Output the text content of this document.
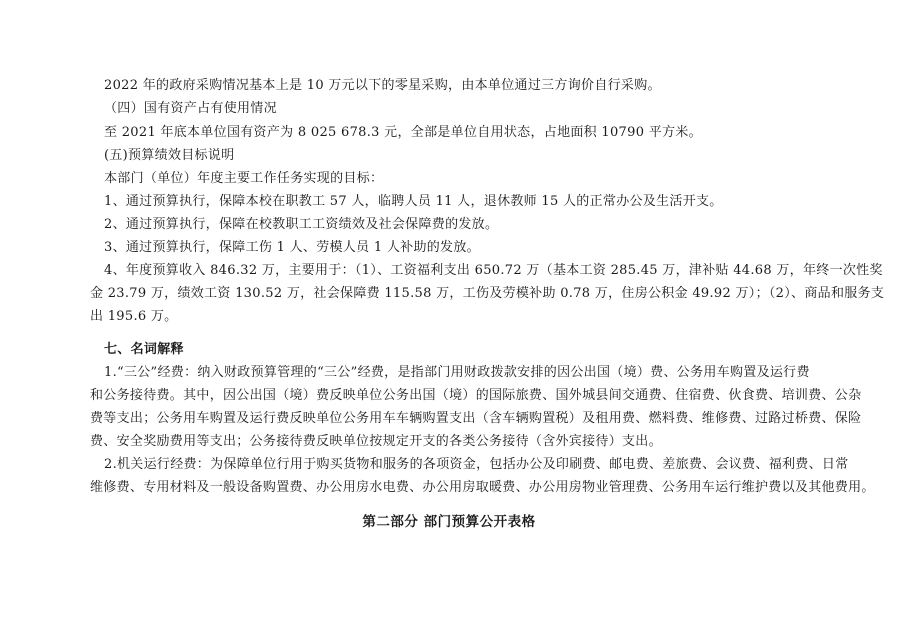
2022 年的政府采购情况基本上是 10 万元以下的零星采购，由本单位通过三方询价自行采购。
（四）国有资产占有使用情况
至 2021 年底本单位国有资产为 8 025 678.3 元，全部是单位自用状态，占地面积 10790 平方米。
(五)预算绩效目标说明
本部门（单位）年度主要工作任务实现的目标：
1、通过预算执行，保障本校在职教工 57 人，临聘人员 11 人，退休教师 15 人的正常办公及生活开支。
2、通过预算执行，保障在校教职工工资绩效及社会保障费的发放。
3、通过预算执行，保障工伤 1 人、劳模人员 1 人补助的发放。
4、年度预算收入 846.32 万，主要用于：（1）、工资福利支出 650.72 万（基本工资 285.45 万，津补贴 44.68 万，年终一次性奖
金 23.79 万，绩效工资 130.52 万，社会保障费 115.58 万，工伤及劳模补助 0.78 万，住房公积金 49.92 万）；（2）、商品和服务支
出 195.6 万。
七、名词解释
1.“三公”经费：纳入财政预算管理的“三公”经费，是指部门用财政拨款安排的因公出国（境）费、公务用车购置及运行费
和公务接待费。其中，因公出国（境）费反映单位公务出国（境）的国际旅费、国外城县间交通费、住宿费、伙食费、培训费、公杂
费等支出；公务用车购置及运行费反映单位公务用车车辆购置支出（含车辆购置税）及租用费、燃料费、维修费、过路过桥费、保险
费、安全奖励费用等支出；公务接待费反映单位按规定开支的各类公务接待（含外宾接待）支出。
2.机关运行经费：为保障单位行用于购买货物和服务的各项资金，包括办公及印刷费、邮电费、差旅费、会议费、福利费、日常
维修费、专用材料及一般设备购置费、办公用房水电费、办公用房取暖费、办公用房物业管理费、公务用车运行维护费以及其他费用。
第二部分 部门预算公开表格
